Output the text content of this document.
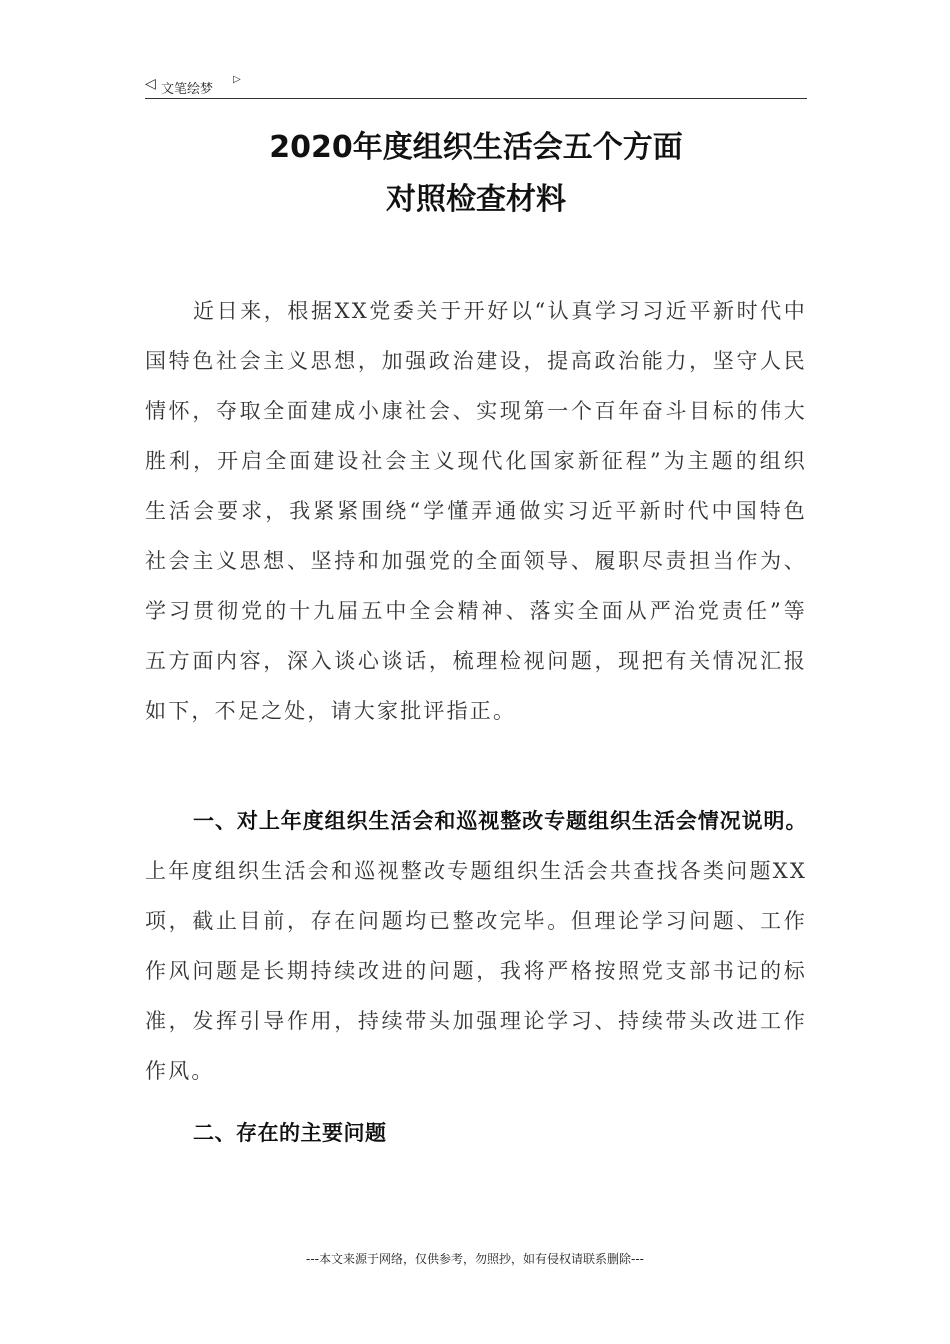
◁ 文笔绘梦
▷
2020年度组织生活会五个方面
对照检查材料

近日来，根据XX党委关于开好以“认真学习习近平新时代中国特色社会主义思想，加强政治建设，提高政治能力，坚守人民情怀，夺取全面建成小康社会、实现第一个百年奋斗目标的伟大胜利，开启全面建设社会主义现代化国家新征程”为主题的组织生活会要求，我紧紧围绕“学懂弄通做实习近平新时代中国特色社会主义思想、坚持和加强党的全面领导、履职尽责担当作为、学习贯彻党的十九届五中全会精神、落实全面从严治党责任”等五方面内容，深入谈心谈话，梳理检视问题，现把有关情况汇报如下，不足之处，请大家批评指正。

一、对上年度组织生活会和巡视整改专题组织生活会情况说明。上年度组织生活会和巡视整改专题组织生活会共查找各类问题XX项，截止目前，存在问题均已整改完毕。但理论学习问题、工作作风问题是长期持续改进的问题，我将严格按照党支部书记的标准，发挥引导作用，持续带头加强理论学习、持续带头改进工作作风。

二、存在的主要问题

---本文来源于网络，仅供参考，勿照抄，如有侵权请联系删除---
